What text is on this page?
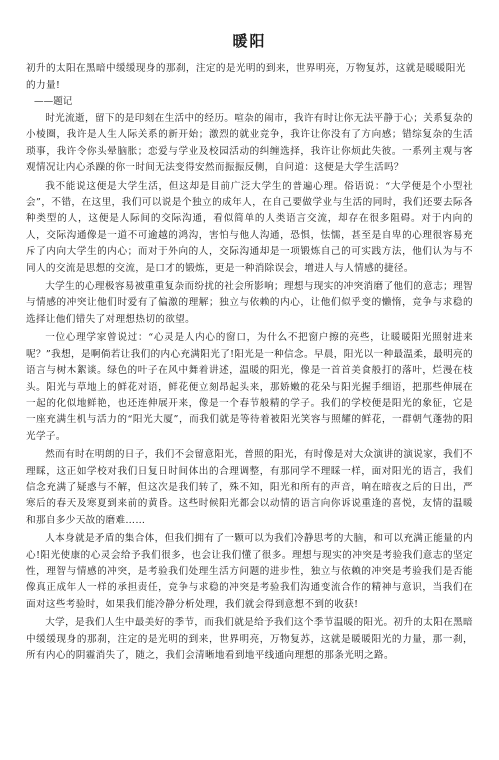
暖阳

初升的太阳在黑暗中缓缓现身的那刹，注定的是光明的到来，世界明亮，万物复苏，这就是暖暖阳光的力量!

——题记

时光流逝，留下的是印刻在生活中的经历。喧杂的闹市，我许有时让你无法平静于心；关系复杂的小棱圈，我许是人生人际关系的新开始；激烈的就业竞争，我许让你没有了方向感；错综复杂的生活琐事，我许令你头晕脑胀；恋爱与学业及校园活动的纠缠选择，我许让你烦此失彼。一系列主观与客观情况让内心杀躁的你一时间无法变得安然而振振反侧，自问道：这便是大学生活吗？

我不能说这便是大学生活，但这却是目前广泛大学生的普遍心理。俗语说：“大学便是个小型社会”，不错，在这里，我们可以说是个独立的成年人，在自己要做学业与生活的同时，我们还要去际各种类型的人，这便是人际间的交际沟通，看似简单的人类语言交流，却存在很多阻碍。对于内向的人，交际沟通像是一道不可逾越的鸿沟，害怕与他人沟通，恐惧，怯懦，甚至是自卑的心理很容易充斥了内向大学生的内心；而对于外向的人，交际沟通却是一项锻炼自己的可实践方法，他们认为与不同人的交流是思想的交流，是口才的锻炼，更是一种消除误会，增进人与人情感的捷径。

大学生的心理极容易被重重复杂而纷扰的社会所影响；理想与现实的冲突消磨了他们的意志；理智与情感的冲突让他们时爱有了偏激的理解；独立与依赖的内心，让他们似乎变的懒惰，竞争与求稳的选择让他们错失了对理想热切的欲望。

一位心理学家曾说过：“心灵是人内心的窗口，为什么不把窗户擦的亮些，让暖暖阳光照射进来呢？”我想，是啊倘若让我们的内心充满阳光了!阳光是一种信念。早晨，阳光以一种最温柔，最明亮的语言与树木絮谈。绿色的叶子在风中舞着讲述，温暖的阳光，像是一首首美食般打的落叶，烂漫在枝头。阳光与草地上的鲜花对语，鲜花便立刻昂起头来，那娇嫩的花朵与阳光握手细语，把那些伸展在一起的化似地鲜艳，也还连伸展开来，像是一个春节般精的学子。我们的学校便是阳光的象征，它是一座充满生机与活力的“阳光大厦”，而我们就是等待着被阳光笑容与照耀的鲜花，一群朝气蓬勃的阳光学子。

然而有时在明朗的日子，我们不会留意阳光，普照的阳光，有时像是对大众演讲的演说家，我们不理睬，这正如学校对我们日复日时间体出的合理调整，有那同学不理睬一样，面对阳光的语言，我们信念充满了疑惑与不解，但这次是我们转了，殊不知，阳光和所有的声音，响在暗夜之后的日出，严寒后的春天及寒夏到来前的黄昏。这些时候阳光都会以动情的语言向你诉说重逢的喜悦，友情的温暖和那自多少天故的磨难……

人本身就是矛盾的集合体，但我们拥有了一颗可以为我们冷静思考的大脑，和可以充满正能量的内心!阳光使康的心灵会给予我们很多，也会让我们懂了很多。理想与现实的冲突是考验我们意志的坚定性，理智与情感的冲突，是考验我们处理生活方问题的进步性，独立与依赖的冲突是考验我们是否能像真正成年人一样的承担责任，竞争与求稳的冲突是考验我们沟通变流合作的精神与意识，当我们在面对这些考验时，如果我们能冷静分析处理，我们就会得到意想不到的收获!

大学，是我们人生中最美好的季节，而我们就是给予我们这个季节温暖的阳光。初升的太阳在黑暗中缓缓现身的那刹，注定的是光明的到来，世界明亮，万物复苏，这就是暖暖阳光的力量，那一刹，所有内心的阴霾消失了，随之，我们会清晰地看到地平线通向理想的那条光明之路。
